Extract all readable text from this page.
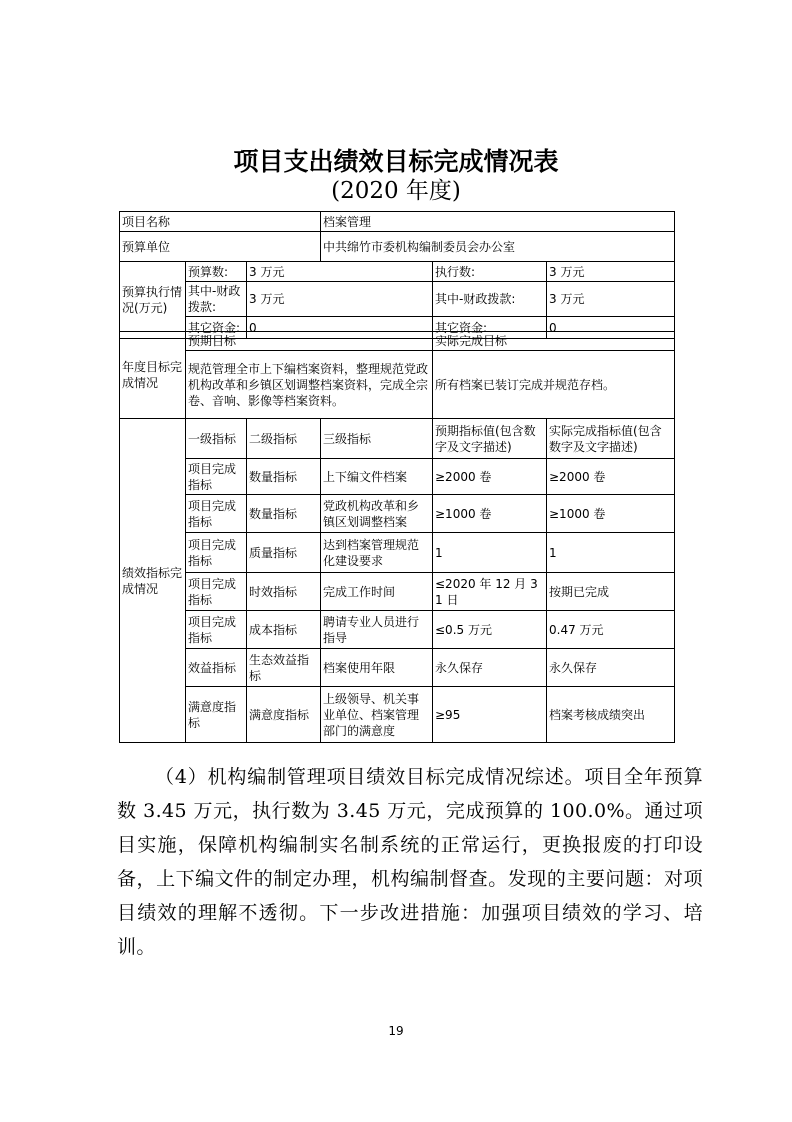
项目支出绩效目标完成情况表
(2020 年度)
项目名称			档案管理		
预算单位			中共绵竹市委机构编制委员会办公室		
预算执行情况(万元)	预算数:	3 万元		执行数:	3 万元
	其中-财政拨款:	3 万元		其中-财政拨款:	3 万元
	其它资金:	0		其它资金:	0
年度目标完成情况	预期目标			实际完成目标	
	规范管理全市上下编档案资料，整理规范党政机构改革和乡镇区划调整档案资料，完成全宗卷、音响、影像等档案资料。			所有档案已装订完成并规范存档。	
绩效指标完成情况	一级指标	二级指标	三级指标	预期指标值(包含数字及文字描述)	实际完成指标值(包含数字及文字描述)
	项目完成指标	数量指标	上下编文件档案	≥2000 卷	≥2000 卷
	项目完成指标	数量指标	党政机构改革和乡镇区划调整档案	≥1000 卷	≥1000 卷
	项目完成指标	质量指标	达到档案管理规范化建设要求	1	1
	项目完成指标	时效指标	完成工作时间	≤2020 年 12 月 31 日	按期已完成
	项目完成指标	成本指标	聘请专业人员进行指导	≤0.5 万元	0.47 万元
	效益指标	生态效益指标	档案使用年限	永久保存	永久保存
	满意度指标	满意度指标	上级领导、机关事业单位、档案管理部门的满意度	≥95	档案考核成绩突出

（4）机构编制管理项目绩效目标完成情况综述。项目全年预算数 3.45 万元，执行数为 3.45 万元，完成预算的 100.0%。通过项目实施，保障机构编制实名制系统的正常运行，更换报废的打印设备，上下编文件的制定办理，机构编制督查。发现的主要问题：对项目绩效的理解不透彻。下一步改进措施：加强项目绩效的学习、培训。

19
